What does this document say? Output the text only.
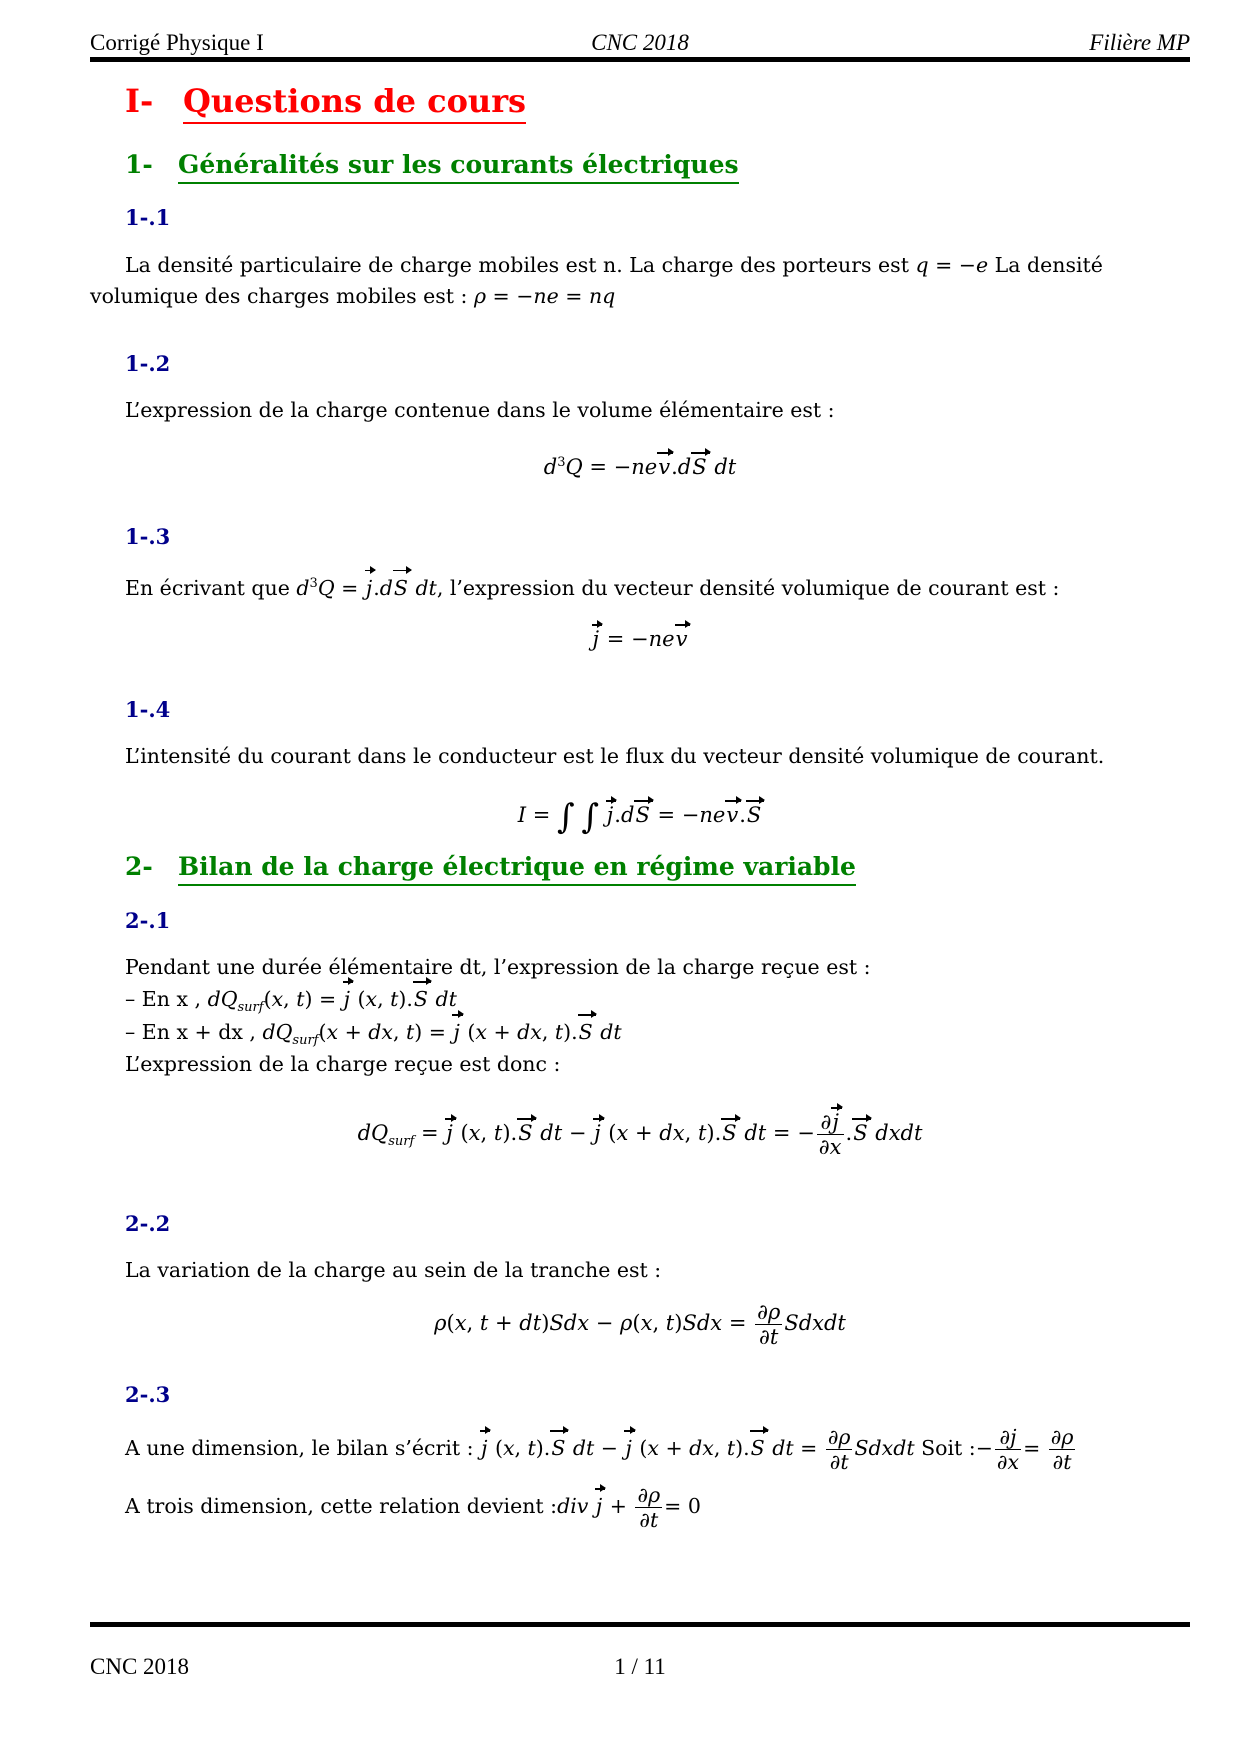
Corrigé Physique I	CNC 2018	Filière MP
I- Questions de cours
1- Généralités sur les courants électriques
1-.1
La densité particulaire de charge mobiles est n. La charge des porteurs est q = −e La densité volumique des charges mobiles est : ρ = −ne = nq
1-.2
L’expression de la charge contenue dans le volume élémentaire est :
$d^3Q = -nev.dS$ dt
1-.3
En écrivant que $d^3Q = j.dS$ dt, l’expression du vecteur densité volumique de courant est :
j = −nev
1-.4
L’intensité du courant dans le conducteur est le flux du vecteur densité volumique de courant.
I = ∫ ∫ j.dS = −nev.S
2- Bilan de la charge électrique en régime variable
2-.1
Pendant une durée élémentaire dt, l’expression de la charge reçue est :
– En x , $dQ_{surf}(x$, t) = j (x, t).S dt
– En x + dx , $dQ_{surf}(x$ + dx, t) = j (x + dx, t).S dt
L’expression de la charge reçue est donc :
$dQ_{surf} = j$ (x, t).S dt − j (x + dx, t).S dt = − $\frac{\partial j}{\partial x} .S$ dxdt
2-.2
La variation de la charge au sein de la tranche est :
ρ(x, t + dt)Sdx − ρ(x, $t)Sdx = \frac{\partial\rho}{\partial t}$ Sdxdt
2-.3
A une dimension, le bilan s’écrit : j (x, t).S dt − j (x + dx, t).S dt = $\frac{\partial\rho}{\partial t}$ Sdxdt Soit :− $\frac{\partial j}{\partial x} = \frac{\partial\rho}{\partial t}$
A trois dimension, cette relation devient :div $j + \frac{\partial\rho}{\partial t} = 0$
CNC 2018	1 / 11
